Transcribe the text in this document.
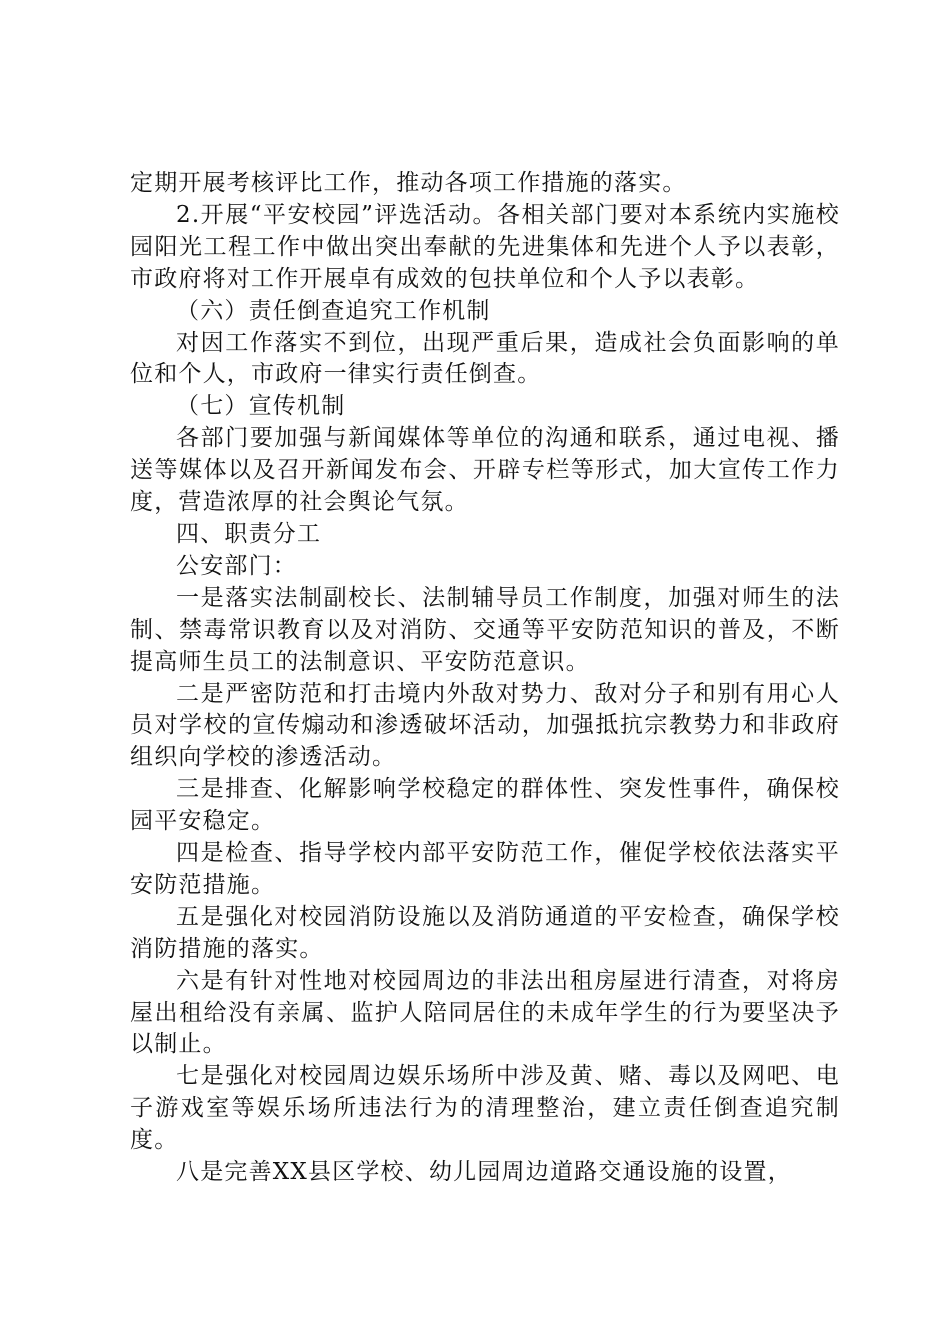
定期开展考核评比工作，推动各项工作措施的落实。

2.开展“平安校园”评选活动。各相关部门要对本系统内实施校园阳光工程工作中做出突出奉献的先进集体和先进个人予以表彰，市政府将对工作开展卓有成效的包扶单位和个人予以表彰。

（六）责任倒查追究工作机制

对因工作落实不到位，出现严重后果，造成社会负面影响的单位和个人，市政府一律实行责任倒查。

（七）宣传机制

各部门要加强与新闻媒体等单位的沟通和联系，通过电视、播送等媒体以及召开新闻发布会、开辟专栏等形式，加大宣传工作力度，营造浓厚的社会舆论气氛。

四、职责分工

公安部门：

一是落实法制副校长、法制辅导员工作制度，加强对师生的法制、禁毒常识教育以及对消防、交通等平安防范知识的普及，不断提高师生员工的法制意识、平安防范意识。

二是严密防范和打击境内外敌对势力、敌对分子和别有用心人员对学校的宣传煽动和渗透破坏活动，加强抵抗宗教势力和非政府组织向学校的渗透活动。

三是排查、化解影响学校稳定的群体性、突发性事件，确保校园平安稳定。

四是检查、指导学校内部平安防范工作，催促学校依法落实平安防范措施。

五是强化对校园消防设施以及消防通道的平安检查，确保学校消防措施的落实。

六是有针对性地对校园周边的非法出租房屋进行清查，对将房屋出租给没有亲属、监护人陪同居住的未成年学生的行为要坚决予以制止。

七是强化对校园周边娱乐场所中涉及黄、赌、毒以及网吧、电子游戏室等娱乐场所违法行为的清理整治，建立责任倒查追究制度。

八是完善XX县区学校、幼儿园周边道路交通设施的设置，
